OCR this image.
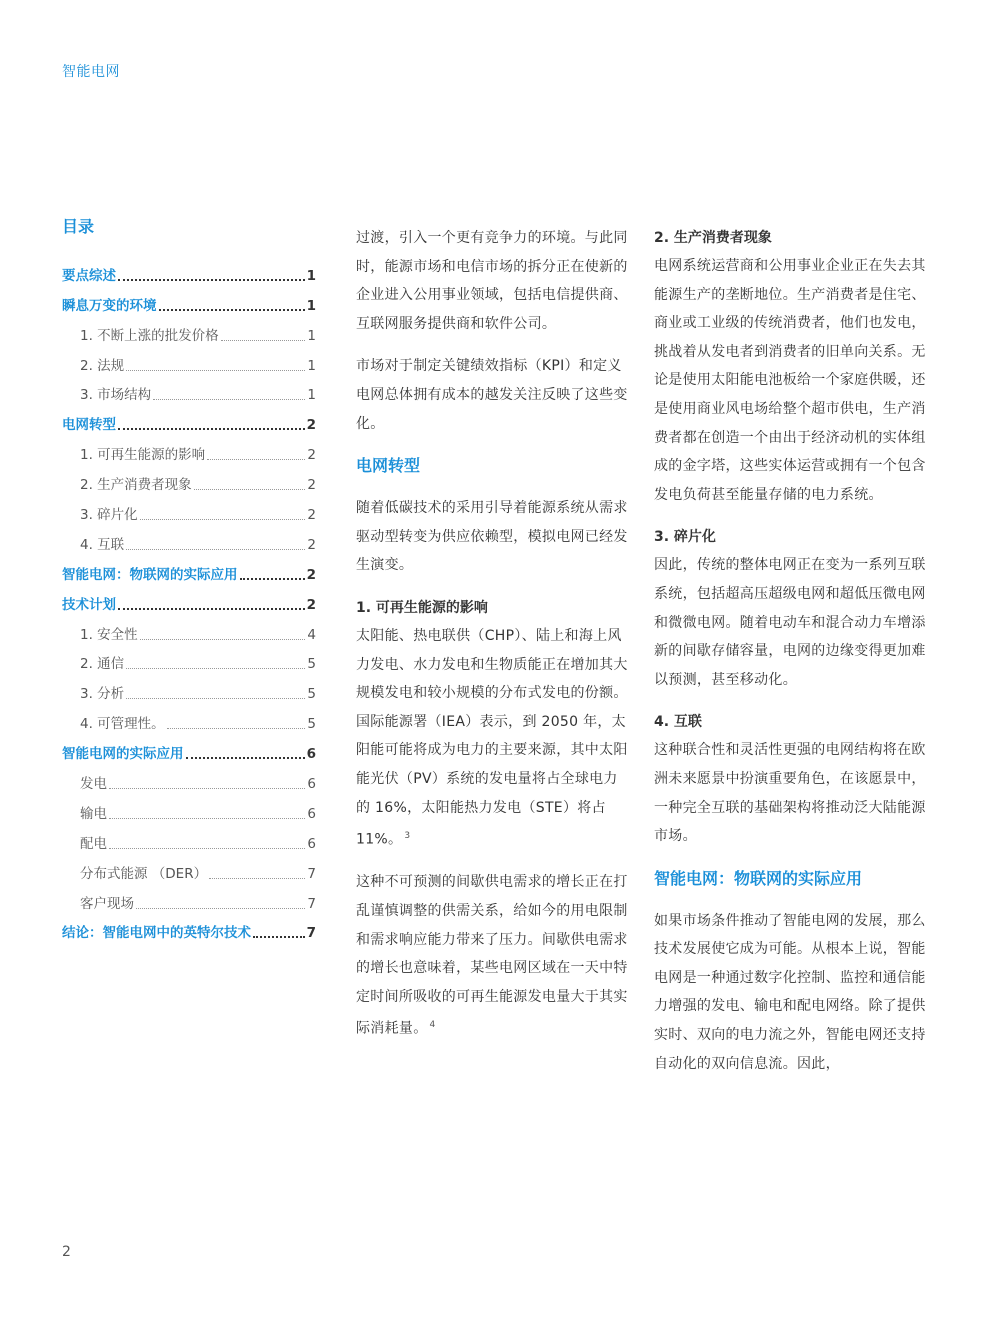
智能电网
目录
要点综述	1
瞬息万变的环境	1
1. 不断上涨的批发价格	1
2. 法规	1
3. 市场结构	1
电网转型	2
1. 可再生能源的影响	2
2. 生产消费者现象	2
3. 碎片化	2
4. 互联	2
智能电网：物联网的实际应用	2
技术计划	2
1. 安全性	4
2. 通信	5
3. 分析	5
4. 可管理性。	5
智能电网的实际应用	6
发电	6
输电	6
配电	6
分布式能源 （DER）	7
客户现场	7
结论：智能电网中的英特尔技术	7

过渡，引入一个更有竞争力的环境。与此同时，能源市场和电信市场的拆分正在使新的企业进入公用事业领域，包括电信提供商、互联网服务提供商和软件公司。

市场对于制定关键绩效指标（KPI）和定义电网总体拥有成本的越发关注反映了这些变化。

电网转型

随着低碳技术的采用引导着能源系统从需求驱动型转变为供应依赖型，模拟电网已经发生演变。

1. 可再生能源的影响

太阳能、热电联供（CHP）、陆上和海上风力发电、水力发电和生物质能正在增加其大规模发电和较小规模的分布式发电的份额。国际能源署（IEA）表示，到 2050 年，太阳能可能将成为电力的主要来源，其中太阳能光伏（PV）系统的发电量将占全球电力的 16%，太阳能热力发电（STE）将占 11%。 $^3$

这种不可预测的间歇供电需求的增长正在打乱谨慎调整的供需关系，给如今的用电限制和需求响应能力带来了压力。间歇供电需求的增长也意味着，某些电网区域在一天中特定时间所吸收的可再生能源发电量大于其实际消耗量。 $^4$

2. 生产消费者现象

电网系统运营商和公用事业企业正在失去其能源生产的垄断地位。生产消费者是住宅、商业或工业级的传统消费者，他们也发电，挑战着从发电者到消费者的旧单向关系。无论是使用太阳能电池板给一个家庭供暖，还是使用商业风电场给整个超市供电，生产消费者都在创造一个由出于经济动机的实体组成的金字塔，这些实体运营或拥有一个包含发电负荷甚至能量存储的电力系统。

3. 碎片化

因此，传统的整体电网正在变为一系列互联系统，包括超高压超级电网和超低压微电网和微微电网。随着电动车和混合动力车增添新的间歇存储容量，电网的边缘变得更加难以预测，甚至移动化。

4. 互联

这种联合性和灵活性更强的电网结构将在欧洲未来愿景中扮演重要角色，在该愿景中，一种完全互联的基础架构将推动泛大陆能源市场。

智能电网：物联网的实际应用

如果市场条件推动了智能电网的发展，那么技术发展使它成为可能。从根本上说，智能电网是一种通过数字化控制、监控和通信能力增强的发电、输电和配电网络。除了提供实时、双向的电力流之外，智能电网还支持自动化的双向信息流。因此，

2
